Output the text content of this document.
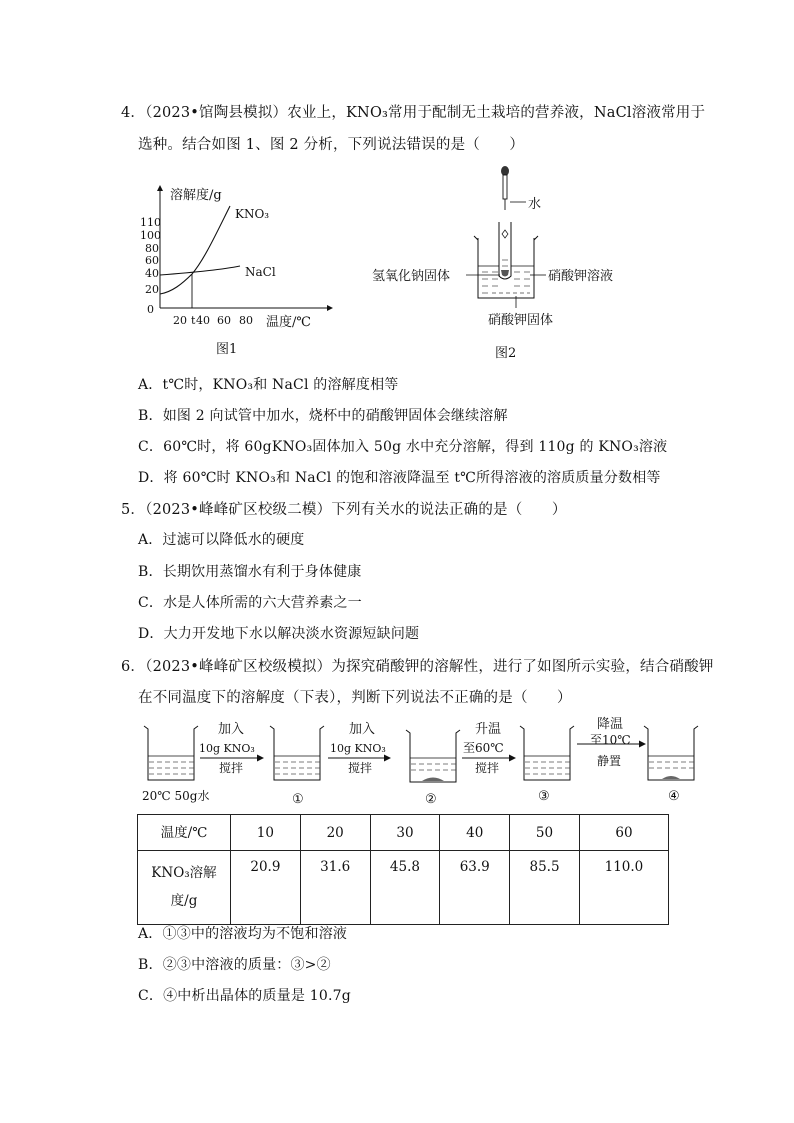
4．（2023•馆陶县模拟）农业上，KNO₃常用于配制无土栽培的营养液，NaCl溶液常用于
选种。结合如图 1、图 2 分析，下列说法错误的是（　　）
溶解度/g
110
100
80
60
40
20
0
KNO₃
NaCl
20 t 40 60 80 温度/℃
图1
水
氢氧化钠固体	硝酸钾溶液
硝酸钾固体
图2
A．t℃时，KNO₃和 NaCl 的溶解度相等
B．如图 2 向试管中加水，烧杯中的硝酸钾固体会继续溶解
C．60℃时，将 60gKNO₃固体加入 50g 水中充分溶解，得到 110g 的 KNO₃溶液
D．将 60℃时 KNO₃和 NaCl 的饱和溶液降温至 t℃所得溶液的溶质质量分数相等
5．（2023•峰峰矿区校级二模）下列有关水的说法正确的是（　　）
A．过滤可以降低水的硬度
B．长期饮用蒸馏水有利于身体健康
C．水是人体所需的六大营养素之一
D．大力开发地下水以解决淡水资源短缺问题
6．（2023•峰峰矿区校级模拟）为探究硝酸钾的溶解性，进行了如图所示实验，结合硝酸钾
在不同温度下的溶解度（下表），判断下列说法不正确的是（　　）
20℃ 50g水
加入
10g KNO₃
搅拌
①
加入
10g KNO₃
搅拌
②
升温
至60℃
搅拌
③
降温
至10℃
静置
④
温度/℃	10	20	30	40	50	60
KNO₃溶解
度/g	20.9	31.6	45.8	63.9	85.5	110.0
A．①③中的溶液均为不饱和溶液
B．②③中溶液的质量：③>②
C．④中析出晶体的质量是 10.7g
